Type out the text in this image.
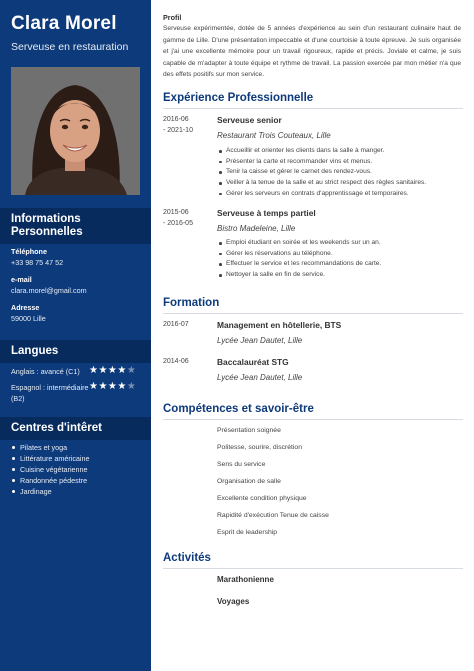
Clara Morel
Serveuse en restauration
Informations Personnelles
Téléphone
+33 98 75 47 52
e-mail
clara.morel@gmail.com
Adresse
59000 Lille
Langues
Anglais : avancé (C1) ★★★★★
Espagnol : intermédiaire (B2)
★★★★★
Centres d'intêret
Pilates et yoga
Littérature américaine
Cuisine végétarienne
Randonnée pédestre
Jardinage
Profil
Serveuse expérimentée, dotée de 5 années d'expérience au sein d'un restaurant culinaire haut de gamme de Lille. D'une présentation impeccable et d'une courtoisie à toute épreuve. Je suis organisée et j'ai une excellente mémoire pour un travail rigoureux, rapide et précis. Joviale et calme, je suis capable de m'adapter à toute équipe et rythme de travail. La passion exercée par mon métier n'a que des effets positifs sur mon service.
Expérience Professionnelle
2016-06
- 2021-10
Serveuse senior
Restaurant Trois Couteaux, Lille
Accueillir et orienter les clients dans la salle à manger.
Présenter la carte et recommander vins et menus.
Tenir la caisse et gérer le carnet des rendez-vous.
Veiller à la tenue de la salle et au strict respect des règles sanitaires.
Gérer les serveurs en contrats d'apprentissage et temporaires.
2015-06
- 2016-05
Serveuse à temps partiel
Bistro Madeleine, Lille
Emploi étudiant en soirée et les weekends sur un an.
Gérer les réservations au téléphone.
Effectuer le service et les recommandations de carte.
Nettoyer la salle en fin de service.
Formation
2016-07	Management en hôtellerie, BTS
Lycée Jean Dautet, Lille
2014-06	Baccalauréat STG
Lycée Jean Dautet, Lille
Compétences et savoir-être
Présentation soignée
Politesse, sourire, discrétion
Sens du service
Organisation de salle
Excellente condition physique
Rapidité d'exécution Tenue de caisse
Esprit de leadership
Activités
Marathonienne
Voyages
